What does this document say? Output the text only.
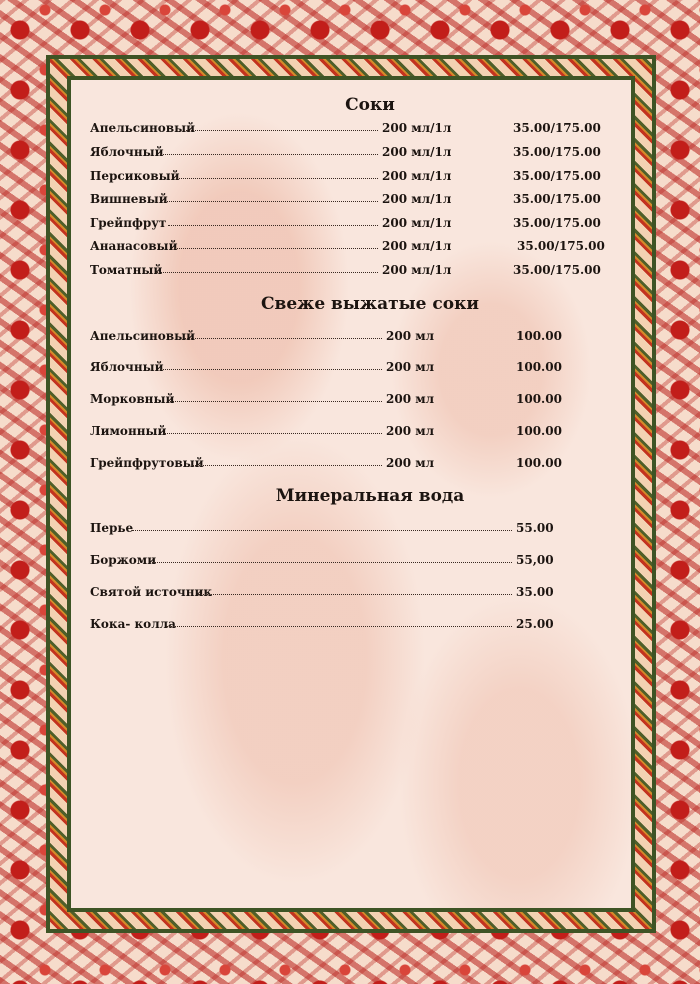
Соки
Апельсиновый	200 мл/1л	35.00/175.00
Яблочный	200 мл/1л	35.00/175.00
Персиковый	200 мл/1л	35.00/175.00
Вишневый	200 мл/1л	35.00/175.00
Грейпфрут	200 мл/1л	35.00/175.00
Ананасовый	200 мл/1л	35.00/175.00
Томатный	200 мл/1л	35.00/175.00
Свеже выжатые соки
Апельсиновый	200 мл	100.00
Яблочный	200 мл	100.00
Морковный	200 мл	100.00
Лимонный	200 мл	100.00
Грейпфрутовый	200 мл	100.00
Минеральная вода
Перье	55.00
Боржоми	55,00
Святой источник	35.00
Кока- колла	25.00
